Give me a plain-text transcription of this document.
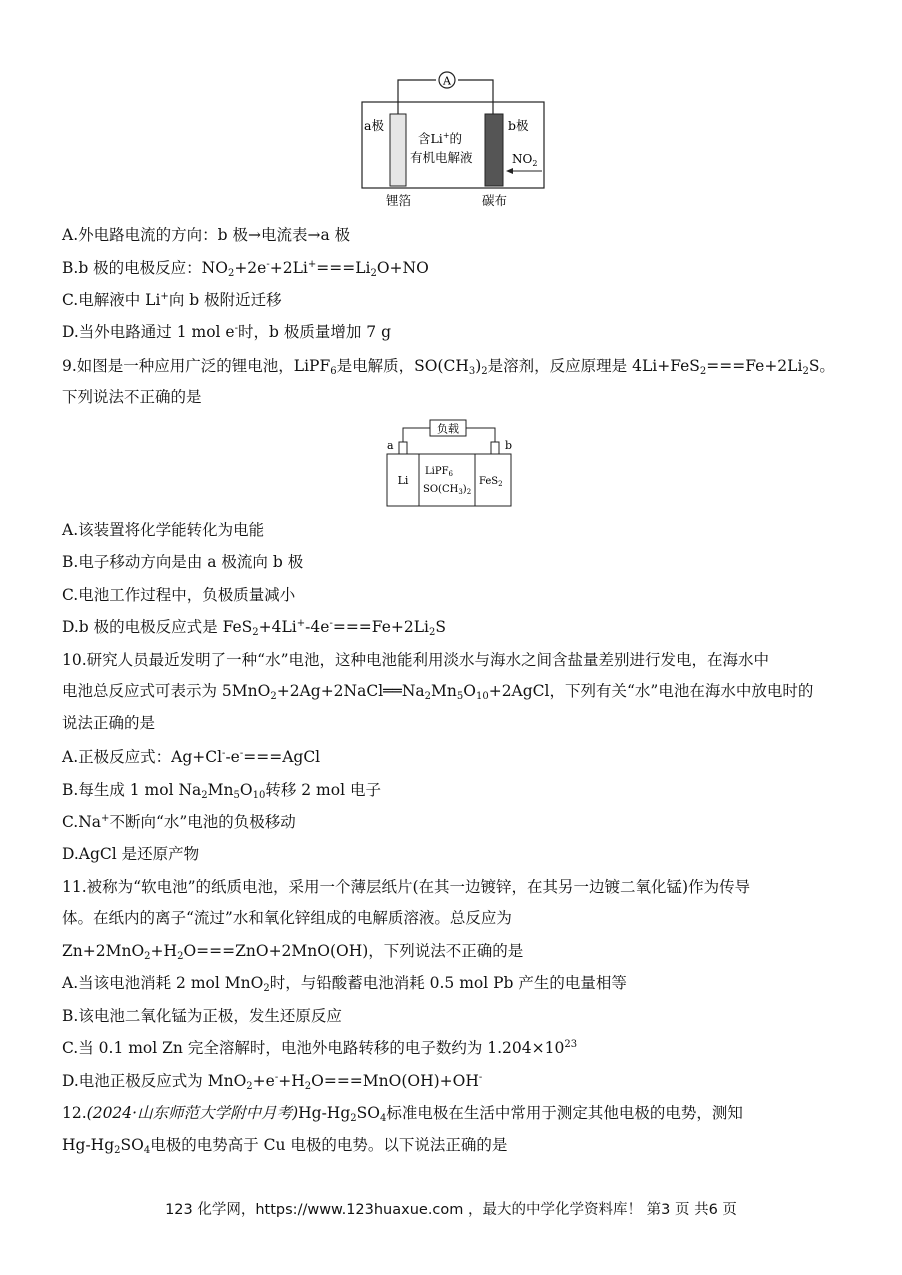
A
a极	b极
含Li+的
有机电解液	$NO_2$
锂箔	碳布
A.外电路电流的方向：b 极→电流表→a 极
B.b 极的电极反应：$NO_2+2e^-+2Li^+===Li_2O+NO$
C.电解液中 Li+向 b 极附近迁移
D.当外电路通过 1 mol e-时，b 极质量增加 7 g
9.如图是一种应用广泛的锂电池，LiPF$_6$是电解质，$SO(CH_3)_2$是溶剂，反应原理是 $4Li+FeS_2===Fe+2Li_2S$。
下列说法不正确的是
负载
a	b
Li
LiPF$_6$
$SO(CH_3)_2$
FeS$_2$
A.该装置将化学能转化为电能
B.电子移动方向是由 a 极流向 b 极
C.电池工作过程中，负极质量减小
D.b 极的电极反应式是 $FeS_2+4Li^+-4e^-===Fe+2Li_2S$
10.研究人员最近发明了一种“水”电池，这种电池能利用淡水与海水之间含盐量差别进行发电，在海水中
电池总反应式可表示为 $5MnO_2+2Ag+2NaCl══Na_2Mn_5O_{10}+2AgCl$，下列有关“水”电池在海水中放电时的
说法正确的是
A.正极反应式：Ag+Cl--e-===AgCl
B.每生成 1 mol $Na_2Mn_5O_{10}$转移 2 mol 电子
C.Na+不断向“水”电池的负极移动
D.AgCl 是还原产物
11.被称为“软电池”的纸质电池，采用一个薄层纸片(在其一边镀锌，在其另一边镀二氧化锰)作为传导
体。在纸内的离子“流过”水和氧化锌组成的电解质溶液。总反应为
$Zn+2MnO_2+H_2O===ZnO+2MnO(OH)$，下列说法不正确的是
A.当该电池消耗 2 mol MnO$_2$时，与铅酸蓄电池消耗 0.5 mol Pb 产生的电量相等
B.该电池二氧化锰为正极，发生还原反应
C.当 0.1 mol Zn 完全溶解时，电池外电路转移的电子数约为 $1.204\times 10^{23}$
D.电池正极反应式为 $MnO_2+e^-+H_2O===MnO(OH)+OH^-$
12.(2024·山东师范大学附中月考)$Hg-Hg_2SO_4$标准电极在生活中常用于测定其他电极的电势，测知
$Hg-Hg_2SO_4$电极的电势高于 Cu 电极的电势。以下说法正确的是
123 化学网，https://www.123huaxue.com ，最大的中学化学资料库！ 第3 页 共6 页
